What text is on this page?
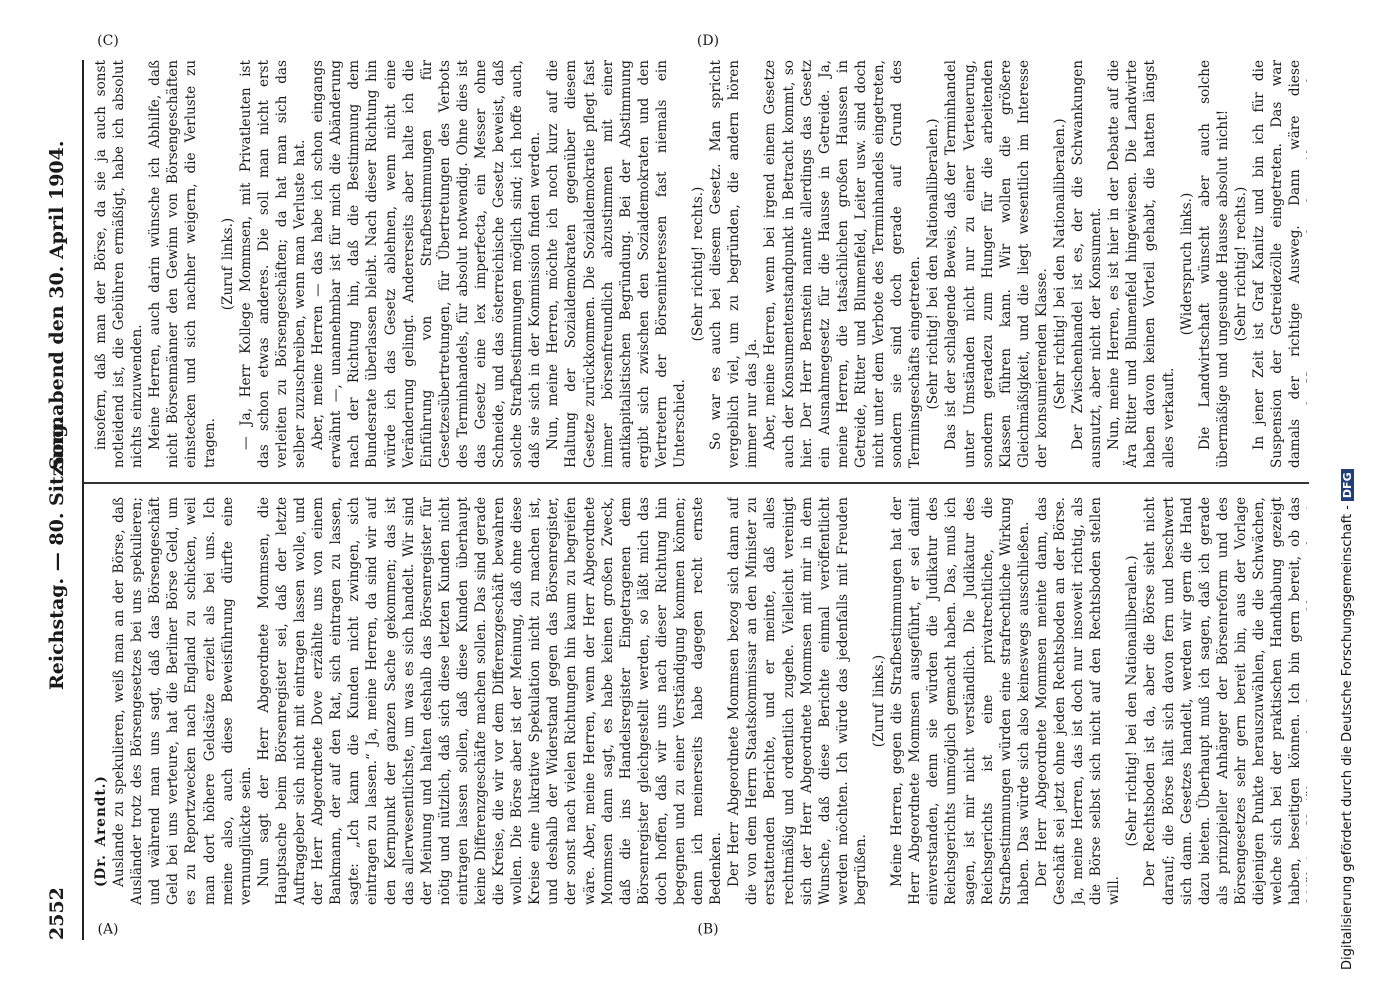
2552
Reichstag. — 80. Sitzung.
Sonnabend den 30. April 1904.
(A)	(B)
(C)	(D)

(Dr. Arendt.) Auslande zu spekulieren, weiß man an der Börse, daß Ausländer trotz des Börsengesetzes bei uns spekulieren; und während man uns sagt, daß das Börsengeschäft Geld bei uns verteure, hat die Berliner Börse Geld, um es zu Reportzwecken nach England zu schicken, weil man dort höhere Geldsätze erzielt als bei uns. Ich meine also, auch diese Beweisführung dürfte eine vernunglückte sein. Nun sagt der Herr Abgeordnete Mommsen, die Hauptsache beim Börsenregister sei, daß der letzte Auftraggeber sich nicht mit eintragen lassen wolle, und der Herr Abgeordnete Dove erzählte uns von einem Bankmann, der auf den Rat, sich eintragen zu lassen, sagte: „Ich kann die Kunden nicht zwingen, sich eintragen zu lassen.“ Ja, meine Herren, da sind wir auf den Kernpunkt der ganzen Sache gekommen; das ist das allerwesentlichste, um was es sich handelt. Wir sind der Meinung und halten deshalb das Börsenregister für nötig und nützlich, daß sich diese letzten Kunden nicht eintragen lassen sollen, daß diese Kunden überhaupt keine Differenzgeschäfte machen sollen. Das sind gerade die Kreise, die wir vor dem Differenzgeschäft bewahren wollen. Die Börse aber ist der Meinung, daß ohne diese Kreise eine lukrative Spekulation nicht zu machen ist, und deshalb der Widerstand gegen das Börsenregister, der sonst nach vielen Richtungen hin kaum zu begreifen wäre. Aber, meine Herren, wenn der Herr Abgeordnete Mommsen dann sagt, es habe keinen großen Zweck, daß die ins Handelsregister Eingetragenen dem Börsenregister gleichgestellt werden, so läßt mich das doch hoffen, daß wir uns nach dieser Richtung hin begegnen und zu einer Verständigung kommen können; denn ich meinerseits habe dagegen recht ernste Bedenken. Der Herr Abgeordnete Mommsen bezog sich dann auf die von dem Herrn Staatskommissar an den Minister zu erstattenden Berichte, und er meinte, daß alles rechtmäßig und ordentlich zugehe. Vielleicht vereinigt sich der Herr Abgeordnete Mommsen mit mir in dem Wunsche, daß diese Berichte einmal veröffentlicht werden möchten. Ich würde das jedenfalls mit Freuden begrüßen.

(Zuruf links.) Meine Herren, gegen die Strafbestimmungen hat der Herr Abgeordnete Mommsen ausgeführt, er sei damit einverstanden, denn sie würden die Judikatur des Reichsgerichts unmöglich gemacht haben. Das, muß ich sagen, ist mir nicht verständlich. Die Judikatur des Reichsgerichts ist eine privatrechtliche, die Strafbestimmungen würden eine strafrechtliche Wirkung haben. Das würde sich also keineswegs ausschließen. Der Herr Abgeordnete Mommsen meinte dann, das Geschäft sei jetzt ohne jeden Rechtsboden an der Börse. Ja, meine Herren, das ist doch nur insoweit richtig, als die Börse selbst sich nicht auf den Rechtsboden stellen will.

(Sehr richtig! bei den Nationalliberalen.)

Der Rechtsboden ist da, aber die Börse sieht nicht darauf; die Börse hält sich davon fern und beschwert sich dann. Gesetzes handelt, werden wir gern die Hand dazu bieten. Überhaupt muß ich sagen, daß ich gerade als prinzipieller Anhänger der Börsenreform und des Börsengesetzes sehr gern bereit bin, aus der Vorlage diejenigen Punkte herauszuwählen, die die Schwächen, welche sich bei der praktischen Handhabung gezeigt haben, beseitigen können. Ich bin gern bereit, ob das

insofern, daß man der Börse, da sie ja auch sonst notleidend ist, die Gebühren ermäßigt, habe ich absolut nichts einzuwenden. Meine Herren, auch darin wünsche ich Abhilfe, daß nicht Börsenmänner den Gewinn von Börsengeschäften einstecken und sich nachher weigern, die Verluste zu tragen.

(Zuruf links.) — Ja, Herr Kollege Mommsen, mit Privatleuten ist das schon etwas anderes. Die soll man nicht erst verleiten zu Börsengeschäften; da hat man sich das selber zuzuschreiben, wenn man Verluste hat. Aber, meine Herren — das habe ich schon eingangs erwähnt —, unannehmbar ist für mich die Abänderung nach der Richtung hin, daß die Bestimmung dem Bundesrate überlassen bleibt. Nach dieser Richtung hin würde ich das Gesetz ablehnen, wenn nicht eine Veränderung gelingt. Andererseits aber halte ich die Einführung von Strafbestimmungen für Gesetzesübertretungen, für Übertretungen des Verbots des Terminhandels, für absolut notwendig. Ohne dies ist das Gesetz eine lex imperfecta, ein Messer ohne Schneide, und das österreichische Gesetz beweist, daß solche Strafbestimmungen möglich sind; ich hoffe auch, daß sie sich in der Kommission finden werden. Nun, meine Herren, möchte ich noch kurz auf die Haltung der Sozialdemokraten gegenüber diesem Gesetze zurückkommen. Die Sozialdemokratie pflegt fast immer börsenfreundlich abzustimmen mit einer antikapitalistischen Begründung. Bei der Abstimmung ergibt sich zwischen den Sozialdemokraten und den Vertretern der Börseninteressen fast niemals ein Unterschied.

(Sehr richtig! rechts.) So war es auch bei diesem Gesetz. Man spricht vergeblich viel, um zu begründen, die andern hören immer nur das Ja. Aber, meine Herren, wenn bei irgend einem Gesetze auch der Konsumentenstandpunkt in Betracht kommt, so hier. Der Herr Bernstein nannte allerdings das Gesetz ein Ausnahmegesetz für die Hausse in Getreide. Ja, meine Herren, die tatsächlichen großen Haussen in Getreide, Ritter und Blumenfeld, Leiter usw. sind doch nicht unter dem Verbote des Terminhandels eingetreten, sondern sie sind doch gerade auf Grund des Terminsgeschäfts eingetreten. (Sehr richtig! bei den Nationalliberalen.) Das ist der schlagende Beweis, daß der Terminhandel unter Umständen nicht nur zu einer Verteuerung, sondern geradezu zum Hunger für die arbeitenden Klassen führen kann. Wir wollen die größere Gleichmäßigkeit, und die liegt wesentlich im Interesse der konsumierenden Klasse. (Sehr richtig! bei den Nationalliberalen.) Der Zwischenhandel ist es, der die Schwankungen ausnutzt, aber nicht der Konsument. Nun, meine Herren, es ist hier in der Debatte auf die Ära Ritter und Blumenfeld hingewiesen. Die Landwirte haben davon keinen Vorteil gehabt, die hatten längst alles verkauft.

(Widerspruch links.) Die Landwirtschaft wünscht aber auch solche übermäßige und ungesunde Hausse absolut nicht! (Sehr richtig! rechts.)

In jener Zeit ist Graf Kanitz und bin ich für die Suspension der Getreidezölle eingetreten. Das war damals der richtige Ausweg. Dann wäre diese

Digitalisierung gefördert durch die Deutsche Forschungsgemeinschaft -DFG
